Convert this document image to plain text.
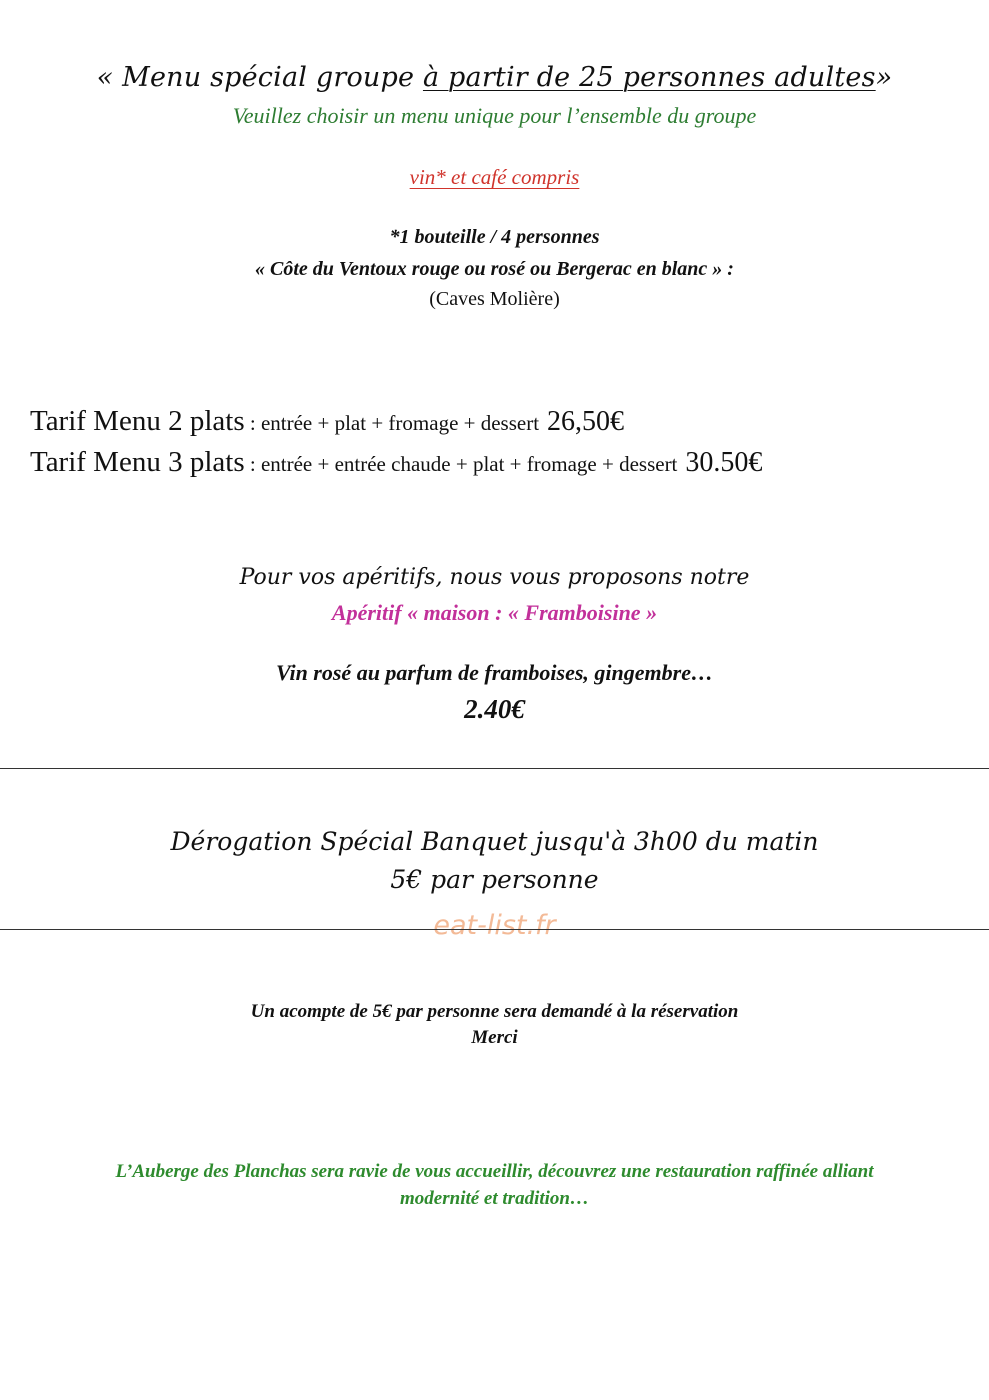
« Menu spécial groupe à partir de 25 personnes adultes»

Veuillez choisir un menu unique pour l’ensemble du groupe

vin* et café compris

*1 bouteille / 4 personnes

« Côte du Ventoux rouge ou rosé ou Bergerac en blanc » :

(Caves Molière)

Tarif Menu 2 plats : entrée + plat + fromage + dessert 26,50€

Tarif Menu 3 plats : entrée + entrée chaude + plat + fromage + dessert 30.50€

Pour vos apéritifs, nous vous proposons notre

Apéritif « maison : « Framboisine »

Vin rosé au parfum de framboises, gingembre…

2.40€

Dérogation Spécial Banquet jusqu'à 3h00 du matin

5€ par personne

eat-list.fr

Un acompte de 5€ par personne sera demandé à la réservation

Merci

L’Auberge des Planchas sera ravie de vous accueillir, découvrez une restauration raffinée alliant

modernité et tradition…
